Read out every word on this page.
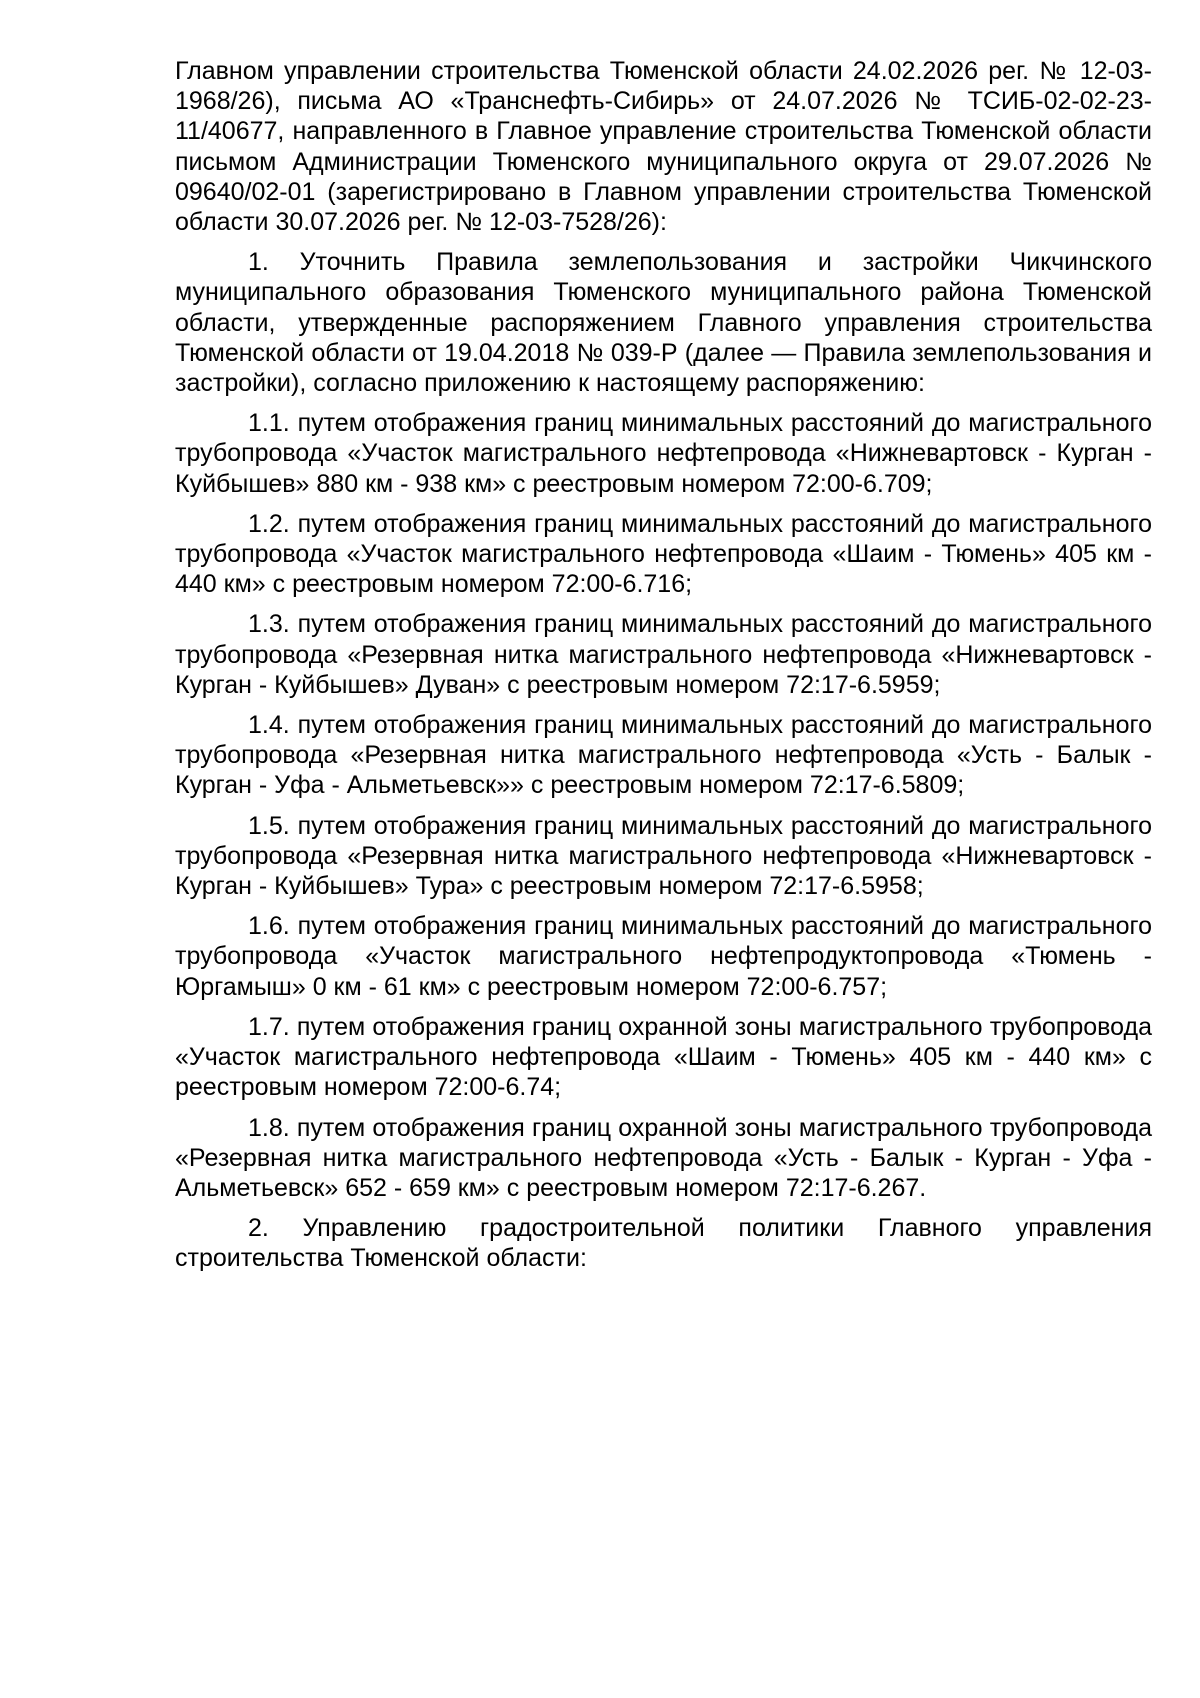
Главном управлении строительства Тюменской области 24.02.2026 рег. № 12-03-1968/26), письма АО «Транснефть-Сибирь» от 24.07.2026 № ТСИБ-02-02-23-11/40677, направленного в Главное управление строительства Тюменской области письмом Администрации Тюменского муниципального округа от 29.07.2026 № 09640/02-01 (зарегистрировано в Главном управлении строительства Тюменской области 30.07.2026 рег. № 12-03-7528/26):

1. Уточнить Правила землепользования и застройки Чикчинского муниципального образования Тюменского муниципального района Тюменской области, утвержденные распоряжением Главного управления строительства Тюменской области от 19.04.2018 № 039-Р (далее — Правила землепользования и застройки), согласно приложению к настоящему распоряжению:

1.1. путем отображения границ минимальных расстояний до магистрального трубопровода «Участок магистрального нефтепровода «Нижневартовск - Курган - Куйбышев» 880 км - 938 км» с реестровым номером 72:00-6.709;

1.2. путем отображения границ минимальных расстояний до магистрального трубопровода «Участок магистрального нефтепровода «Шаим - Тюмень» 405 км - 440 км» с реестровым номером 72:00-6.716;

1.3. путем отображения границ минимальных расстояний до магистрального трубопровода «Резервная нитка магистрального нефтепровода «Нижневартовск - Курган - Куйбышев» Дуван» с реестровым номером 72:17-6.5959;

1.4. путем отображения границ минимальных расстояний до магистрального трубопровода «Резервная нитка магистрального нефтепровода «Усть - Балык - Курган - Уфа - Альметьевск»» с реестровым номером 72:17-6.5809;

1.5. путем отображения границ минимальных расстояний до магистрального трубопровода «Резервная нитка магистрального нефтепровода «Нижневартовск - Курган - Куйбышев» Тура» с реестровым номером 72:17-6.5958;

1.6. путем отображения границ минимальных расстояний до магистрального трубопровода «Участок магистрального нефтепродуктопровода «Тюмень - Юргамыш» 0 км - 61 км» с реестровым номером 72:00-6.757;

1.7. путем отображения границ охранной зоны магистрального трубопровода «Участок магистрального нефтепровода «Шаим - Тюмень» 405 км - 440 км» с реестровым номером 72:00-6.74;

1.8. путем отображения границ охранной зоны магистрального трубопровода «Резервная нитка магистрального нефтепровода «Усть - Балык - Курган - Уфа - Альметьевск» 652 - 659 км» с реестровым номером 72:17-6.267.

2. Управлению градостроительной политики Главного управления строительства Тюменской области:
